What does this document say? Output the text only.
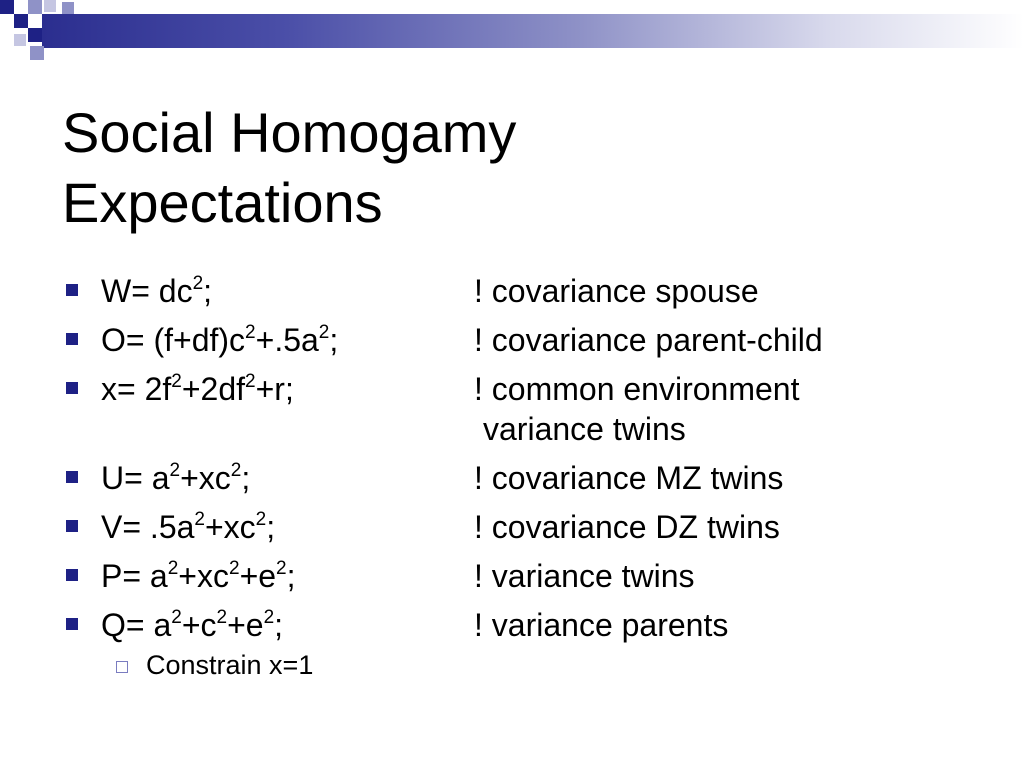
Social Homogamy
Expectations
$W= dc^2$;	! covariance spouse
$O= (f+df)c^2+.5a^2$;	! covariance parent-child
$x= 2f^2+2df^2+r$;	! common environment
variance twins
$U= a^2+xc^2$;	! covariance MZ twins
$V= .5a^2+xc^2$;	! covariance DZ twins
$P= a^2+xc^2+e^2$;	! variance twins
$Q= a^2+c^2+e^2$;	! variance parents
Constrain x=1
